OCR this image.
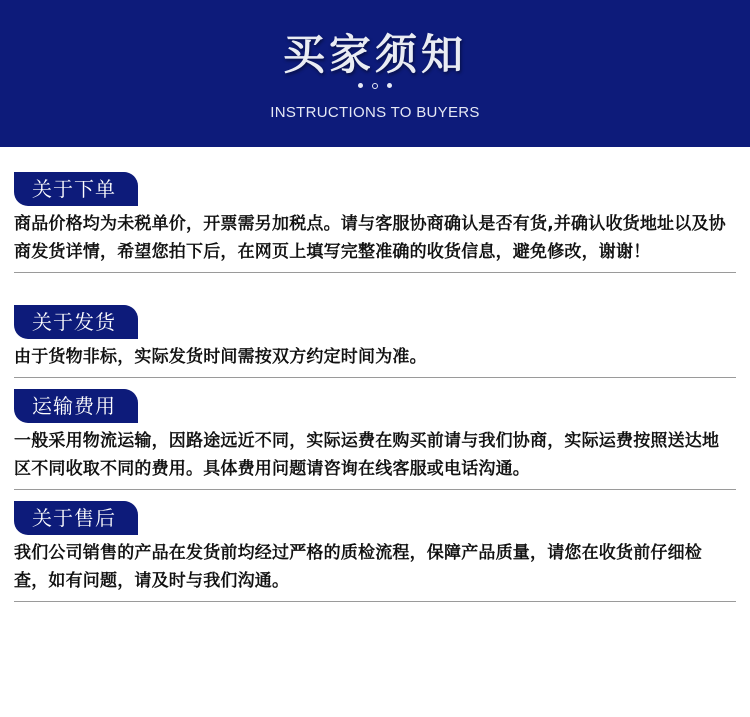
买家须知
INSTRUCTIONS TO BUYERS
关于下单
商品价格均为未税单价，开票需另加税点。请与客服协商确认是否有货,并确认收货地址以及协商发货详情，希望您拍下后，在网页上填写完整准确的收货信息，避免修改，谢谢！
关于发货
由于货物非标，实际发货时间需按双方约定时间为准。
运输费用
一般采用物流运输，因路途远近不同，实际运费在购买前请与我们协商，实际运费按照送达地区不同收取不同的费用。具体费用问题请咨询在线客服或电话沟通。
关于售后
我们公司销售的产品在发货前均经过严格的质检流程，保障产品质量，请您在收货前仔细检查，如有问题，请及时与我们沟通。
